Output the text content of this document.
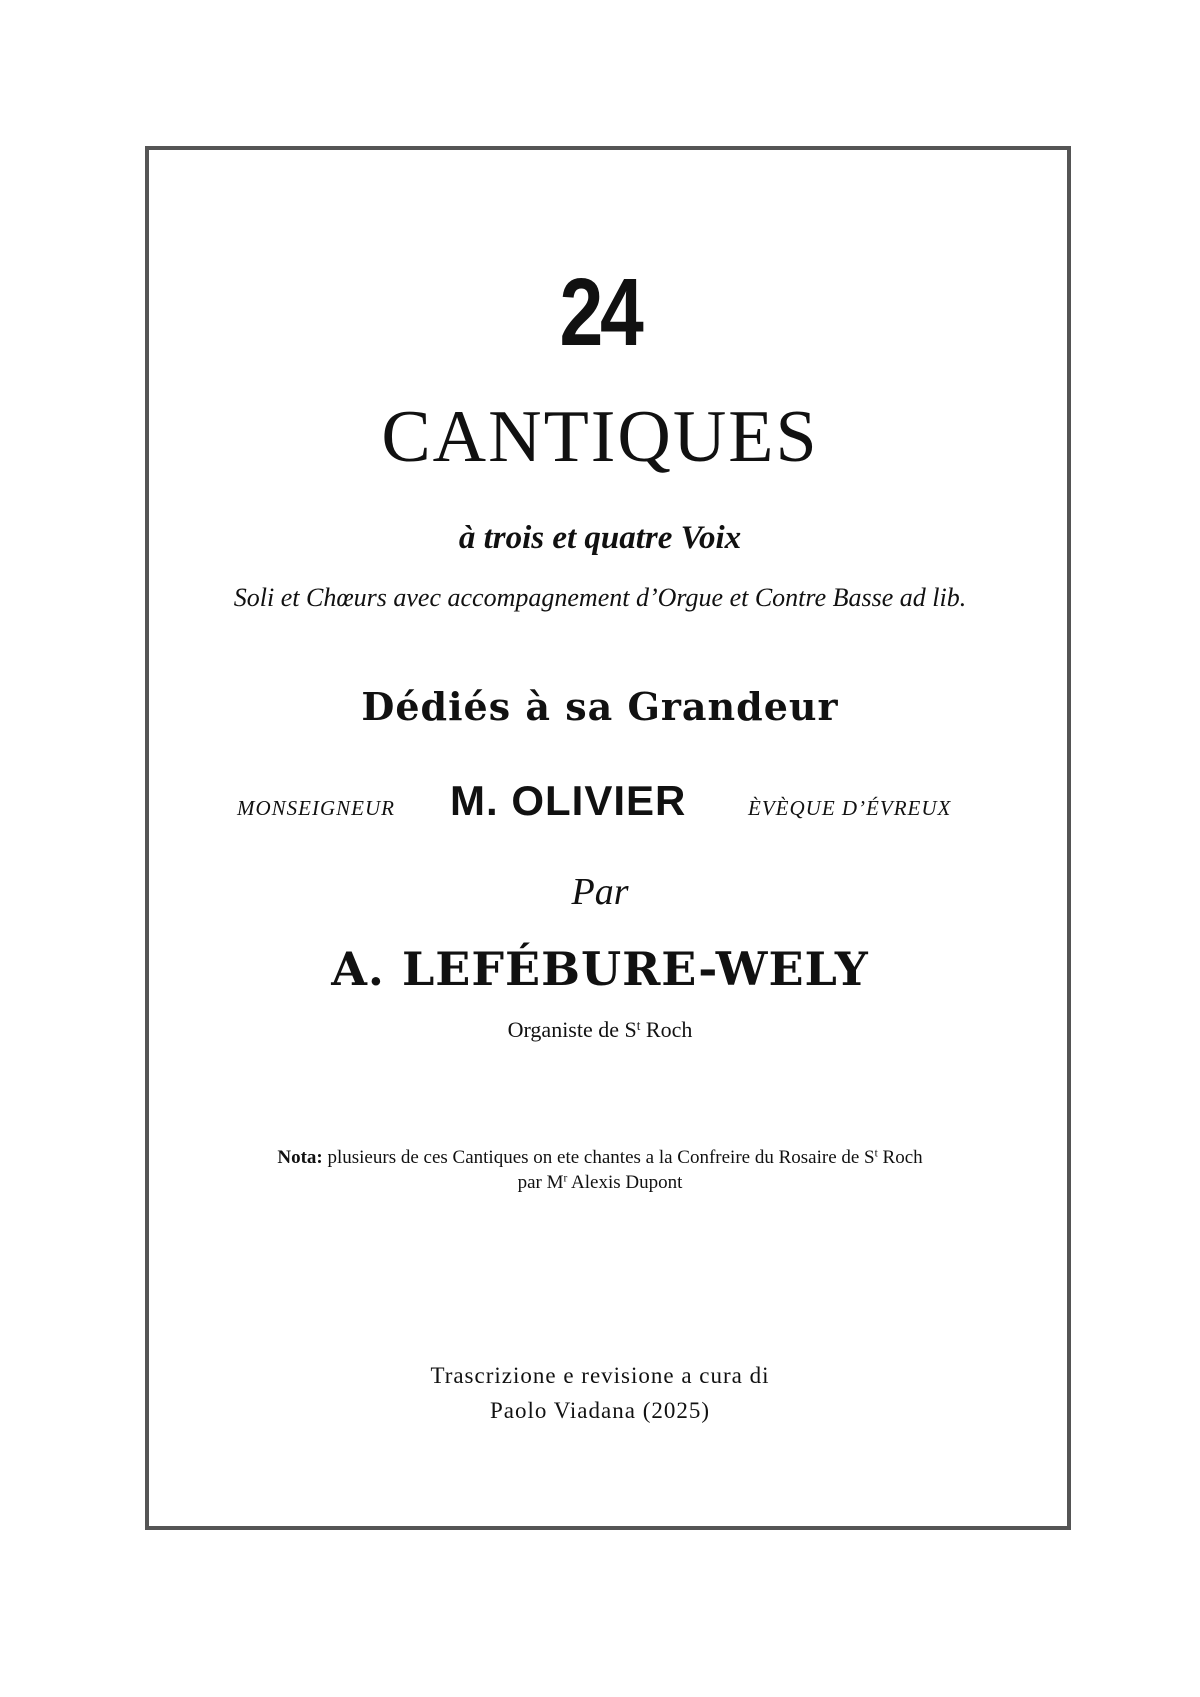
24
CANTIQUES
à trois et quatre Voix
Soli et Chœurs avec accompagnement d’Orgue et Contre Basse ad lib.
Dédiés à sa Grandeur
MONSEIGNEUR M. OLIVIER	ÈVÈQUE D’ÉVREUX
Par
A. LEFÉBURE-WELY
Organiste de $S^t$ Roch
Nota: plusieurs de ces Cantiques on ete chantes a la Confreire du Rosaire de $S^t$ Roch
par $M^r$ Alexis Dupont
Trascrizione e revisione a cura di
Paolo Viadana (2025)
